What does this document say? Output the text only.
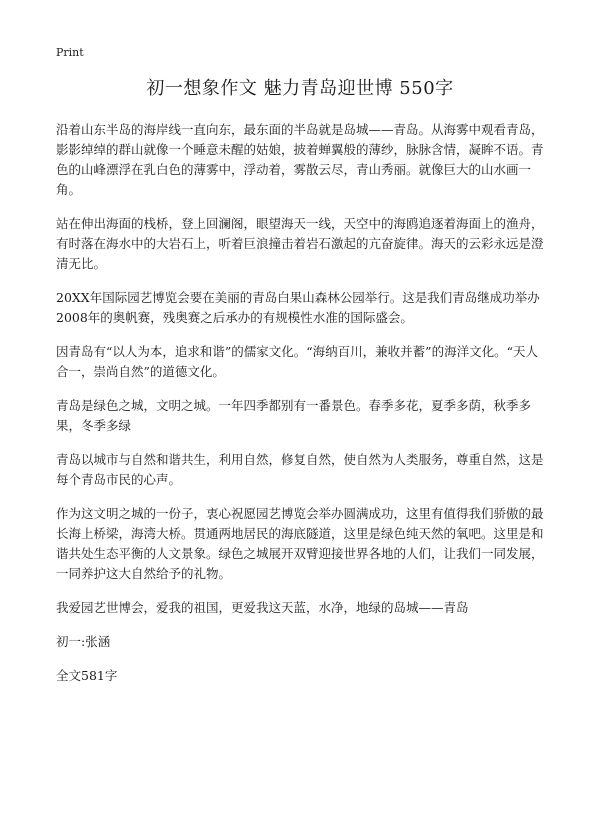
Print
初一想象作文 魅力青岛迎世博 550字

沿着山东半岛的海岸线一直向东，最东面的半岛就是岛城——青岛。从海雾中观看青岛，影影绰绰的群山就像一个睡意未醒的姑娘，披着蝉翼般的薄纱，脉脉含情，凝眸不语。青色的山峰漂浮在乳白色的薄雾中，浮动着，雾散云尽，青山秀丽。就像巨大的山水画一角。

站在伸出海面的栈桥，登上回澜阁，眼望海天一线，天空中的海鸥追逐着海面上的渔舟，有时落在海水中的大岩石上，听着巨浪撞击着岩石激起的亢奋旋律。海天的云彩永远是澄清无比。

20XX年国际园艺博览会要在美丽的青岛白果山森林公园举行。这是我们青岛继成功举办2008年的奥帆赛，残奥赛之后承办的有规模性水准的国际盛会。

因青岛有“以人为本，追求和谐”的儒家文化。“海纳百川，兼收并蓄”的海洋文化。“天人合一，崇尚自然”的道德文化。

青岛是绿色之城，文明之城。一年四季都别有一番景色。春季多花，夏季多荫，秋季多果，冬季多绿

青岛以城市与自然和谐共生，利用自然，修复自然，使自然为人类服务，尊重自然，这是每个青岛市民的心声。

作为这文明之城的一份子，衷心祝愿园艺博览会举办圆满成功，这里有值得我们骄傲的最长海上桥梁，海湾大桥。贯通两地居民的海底隧道，这里是绿色纯天然的氧吧。这里是和谐共处生态平衡的人文景象。绿色之城展开双臂迎接世界各地的人们，让我们一同发展，一同养护这大自然给予的礼物。

我爱园艺世博会，爱我的祖国，更爱我这天蓝，水净，地绿的岛城——青岛

初一:张涵

全文581字
